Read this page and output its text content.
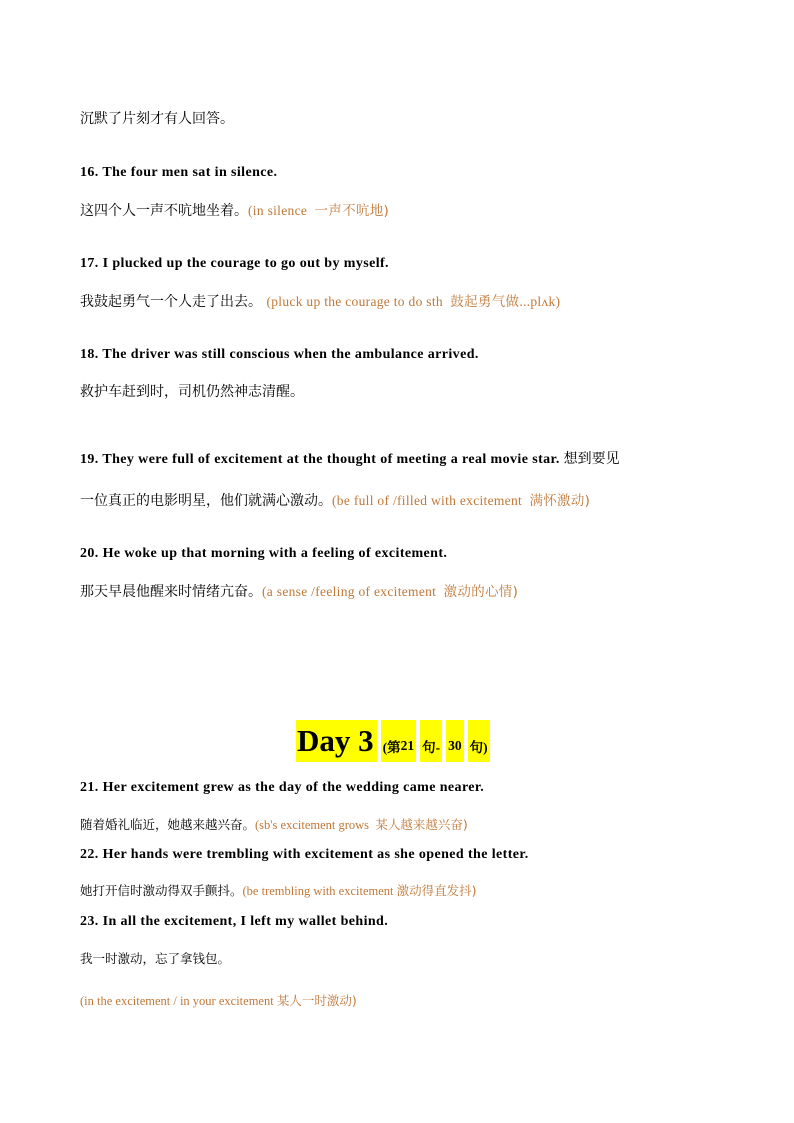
沉默了片刻才有人回答。
16. The four men sat in silence.
这四个人一声不吭地坐着。(in silence 一声不吭地)
17. I plucked up the courage to go out by myself.
我鼓起勇气一个人走了出去。 (pluck up the courage to do sth 鼓起勇气做...plʌk)
18. The driver was still conscious when the ambulance arrived.
救护车赶到时，司机仍然神志清醒。
19. They were full of excitement at the thought of meeting a real movie star. 想到要见
一位真正的电影明星，他们就满心激动。(be full of /filled with excitement 满怀激动)
20. He woke up that morning with a feeling of excitement.
那天早晨他醒来时情绪亢奋。(a sense /feeling of excitement 激动的心情)
Day 3 (第 21 句- 30 句)
21. Her excitement grew as the day of the wedding came nearer.
随着婚礼临近，她越来越兴奋。(sb's excitement grows 某人越来越兴奋)
22. Her hands were trembling with excitement as she opened the letter.
她打开信时激动得双手颤抖。(be trembling with excitement 激动得直发抖)
23. In all the excitement, I left my wallet behind.
我一时激动，忘了拿钱包。
(in the excitement / in your excitement 某人一时激动)
